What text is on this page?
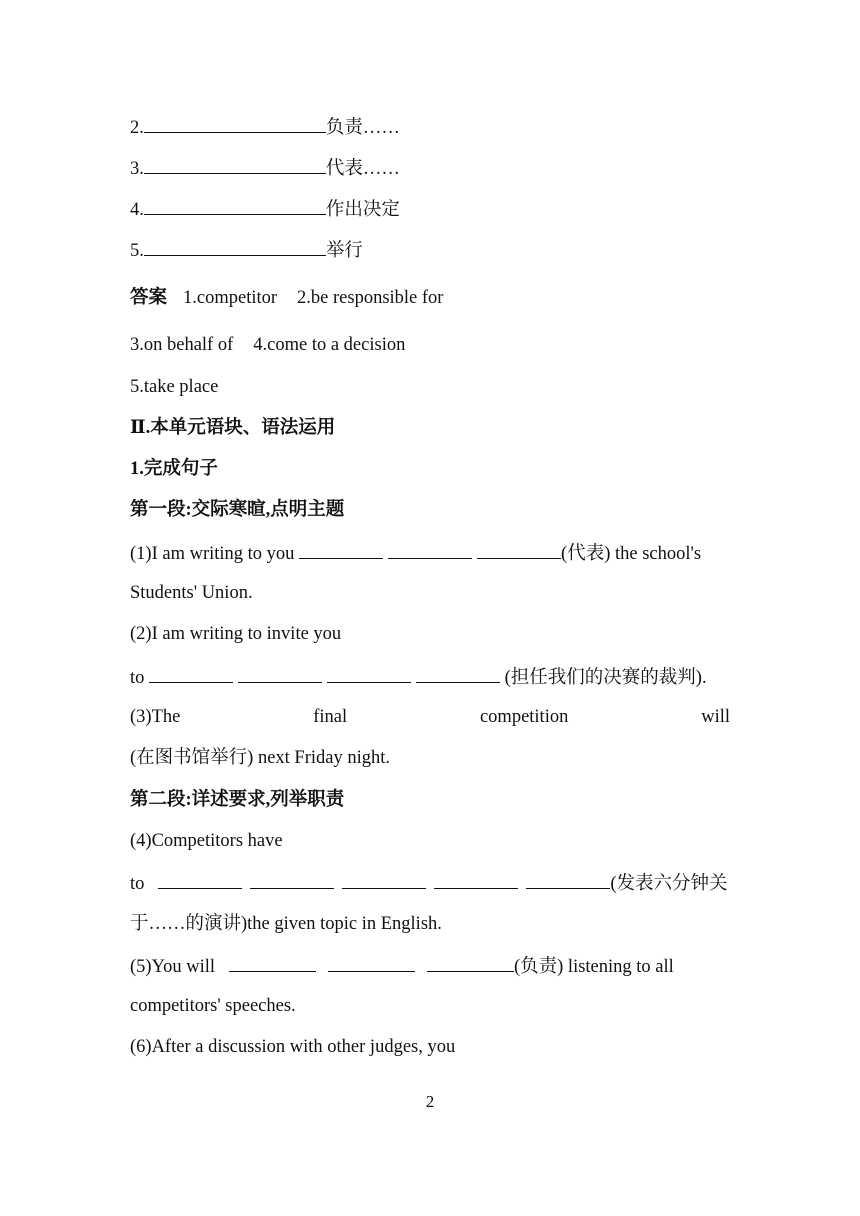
2.	负责……
3.	代表……
4.	作出决定
5.	举行
答案 1.competitor 2.be responsible for
3.on behalf of 4.come to a decision
5.take place
Ⅱ.本单元语块、语法运用
1.完成句子
第一段:交际寒暄,点明主题
(1)I am writing to you	(代表) the school's
Students' Union.
(2)I am writing to invite you
to	(担任我们的决赛的裁判).
(3)The	final	competition	will
(在图书馆举行) next Friday night.
第二段:详述要求,列举职责
(4)Competitors have
to	(发表六分钟关
于……的演讲)the given topic in English.
(5)You will	(负责) listening to all
competitors' speeches.
(6)After a discussion with other judges, you
2
